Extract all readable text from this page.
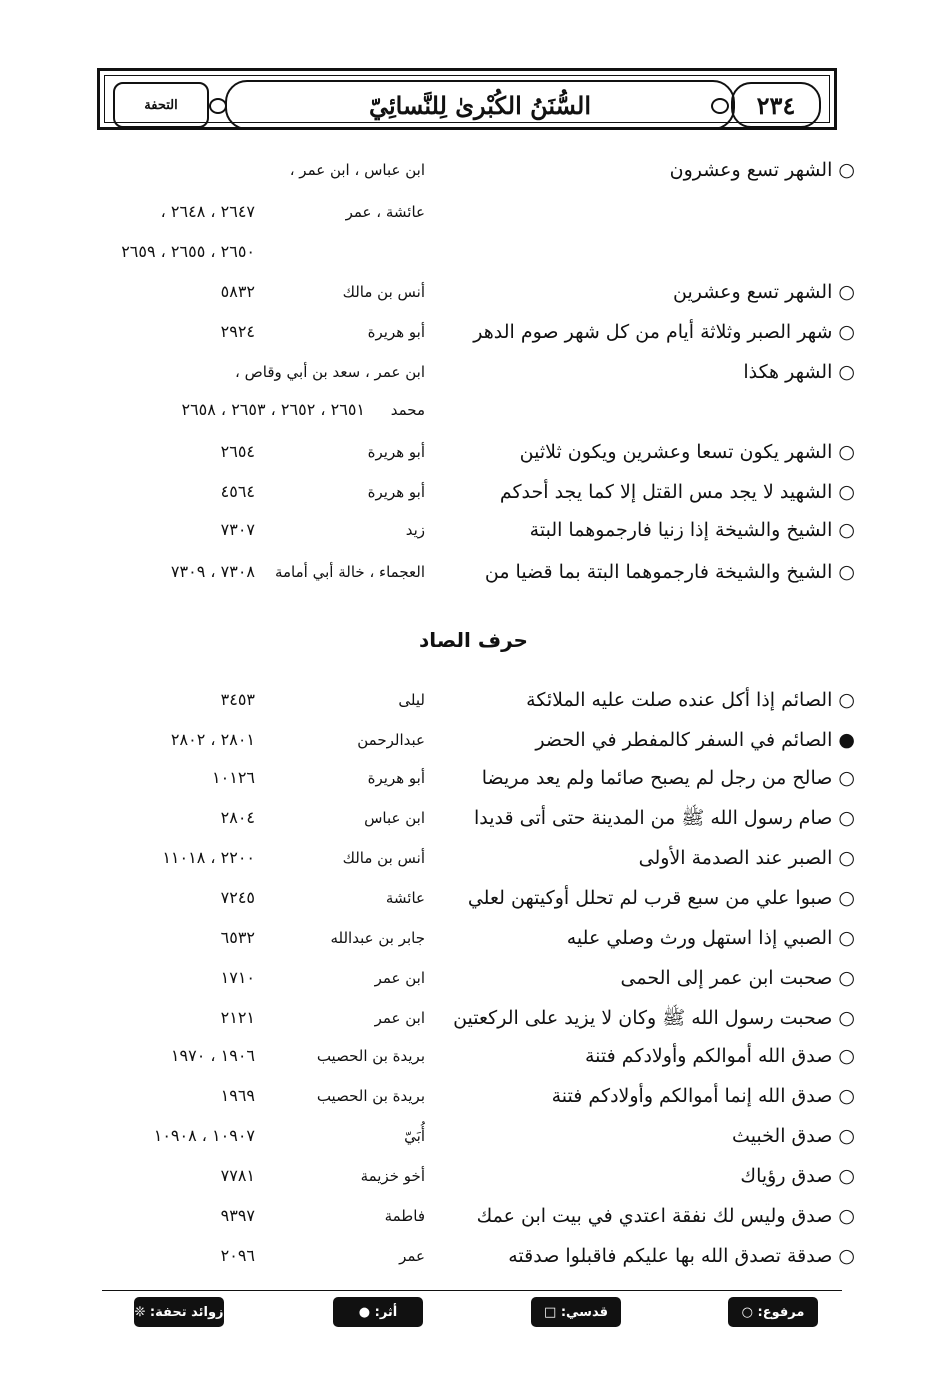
التحفة	السُّنَنُ الكُبْرىٰ لِلنَّسائِيّ	٢٣٤
○ الشهر تسع وعشرون
ابن عباس ، ابن عمر ،
عائشة ، عمر
٢٦٤٧ ، ٢٦٤٨ ،
٢٦٥٠ ، ٢٦٥٥ ، ٢٦٥٩
○ الشهر تسع وعشرين
أنس بن مالك
٥٨٣٢
○ شهر الصبر وثلاثة أيام من كل شهر صوم الدهر
أبو هريرة
٢٩٢٤
○ الشهر هكذا
ابن عمر ، سعد بن أبي وقاص ،
محمد
٢٦٥١ ، ٢٦٥٢ ، ٢٦٥٣ ، ٢٦٥٨
○ الشهر يكون تسعا وعشرين ويكون ثلاثين
أبو هريرة
٢٦٥٤
○ الشهيد لا يجد مس القتل إلا كما يجد أحدكم
أبو هريرة
٤٥٦٤
○ الشيخ والشيخة إذا زنيا فارجموهما البتة
زيد
٧٣٠٧
○ الشيخ والشيخة فارجموهما البتة بما قضيا من
العجماء ، خالة أبي أمامة
٧٣٠٨ ، ٧٣٠٩
حرف الصاد
○ الصائم إذا أكل عنده صلت عليه الملائكة
ليلى
٣٤٥٣
● الصائم في السفر كالمفطر في الحضر
عبدالرحمن
٢٨٠١ ، ٢٨٠٢
○ صالح من رجل لم يصبح صائما ولم يعد مريضا
أبو هريرة
١٠١٢٦
○ صام رسول الله ﷺ من المدينة حتى أتى قديدا
ابن عباس
٢٨٠٤
○ الصبر عند الصدمة الأولى
أنس بن مالك
٢٢٠٠ ، ١١٠١٨
○ صبوا علي من سبع قرب لم تحلل أوكيتهن لعلي
عائشة
٧٢٤٥
○ الصبي إذا استهل ورث وصلي عليه
جابر بن عبدالله
٦٥٣٢
○ صحبت ابن عمر إلى الحمى
ابن عمر
١٧١٠
○ صحبت رسول الله ﷺ وكان لا يزيد على الركعتين
ابن عمر
٢١٢١
○ صدق الله أموالكم وأولادكم فتنة
بريدة بن الحصيب
١٩٠٦ ، ١٩٧٠
○ صدق الله إنما أموالكم وأولادكم فتنة
بريدة بن الحصيب
١٩٦٩
○ صدق الخبيث
أُبَيّ
١٠٩٠٧ ، ١٠٩٠٨
○ صدق رؤياك
أخو خزيمة
٧٧٨١
○ صدق وليس لك نفقة اعتدي في بيت ابن عمك
فاطمة
٩٣٩٧
○ صدقة تصدق الله بها عليكم فاقبلوا صدقته
عمر
٢٠٩٦
مرفوع: ○
قدسي: □
أثر: ●
زوائد تحفة: ❊
